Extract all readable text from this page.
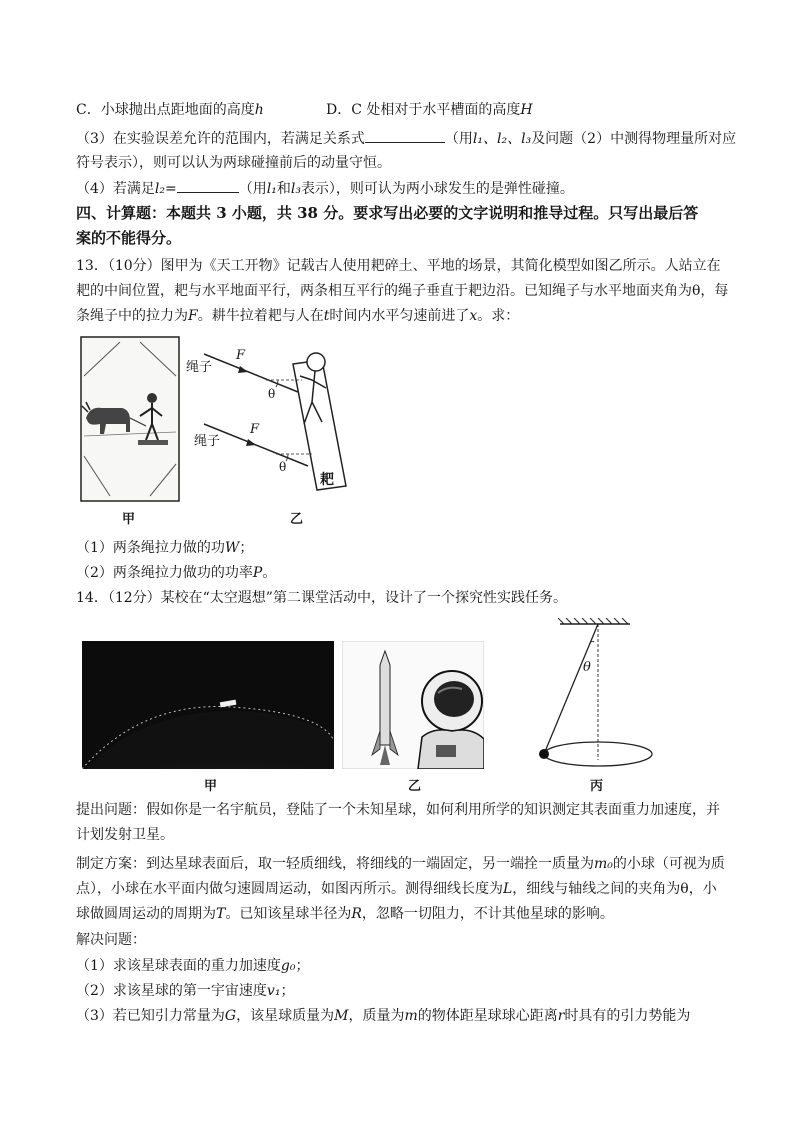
C．小球抛出点距地面的高度h	D．C 处相对于水平槽面的高度H
（3）在实验误差允许的范围内，若满足关系式	（用l₁、l₂、l₃及问题（2）中测得物理量所对应
符号表示），则可以认为两球碰撞前后的动量守恒。
（4）若满足l₂=	（用l₁和l₃表示），则可认为两小球发生的是弹性碰撞。
四、计算题：本题共 3 小题，共 38 分。要求写出必要的文字说明和推导过程。只写出最后答
案的不能得分。
13．（10分）图甲为《天工开物》记载古人使用耙碎土、平地的场景，其简化模型如图乙所示。人站立在
耙的中间位置，耙与水平地面平行，两条相互平行的绳子垂直于耙边沿。已知绳子与水平地面夹角为θ，每
条绳子中的拉力为F。耕牛拉着耙与人在t时间内水平匀速前进了x。求：
甲
绳子
F
θ
绳子
F
θ
耙
乙
（1）两条绳拉力做的功W；
（2）两条绳拉力做功的功率P。
14．（12分）某校在“太空遐想”第二课堂活动中，设计了一个探究性实践任务。
甲	乙
θ
丙
提出问题：假如你是一名宇航员，登陆了一个未知星球，如何利用所学的知识测定其表面重力加速度，并
计划发射卫星。
制定方案：到达星球表面后，取一轻质细线，将细线的一端固定，另一端拴一质量为m₀的小球（可视为质
点），小球在水平面内做匀速圆周运动，如图丙所示。测得细线长度为L，细线与轴线之间的夹角为θ，小
球做圆周运动的周期为T。已知该星球半径为R，忽略一切阻力，不计其他星球的影响。
解决问题：
（1）求该星球表面的重力加速度g₀；
（2）求该星球的第一宇宙速度v₁；
（3）若已知引力常量为G，该星球质量为M，质量为m的物体距星球球心距离r时具有的引力势能为
